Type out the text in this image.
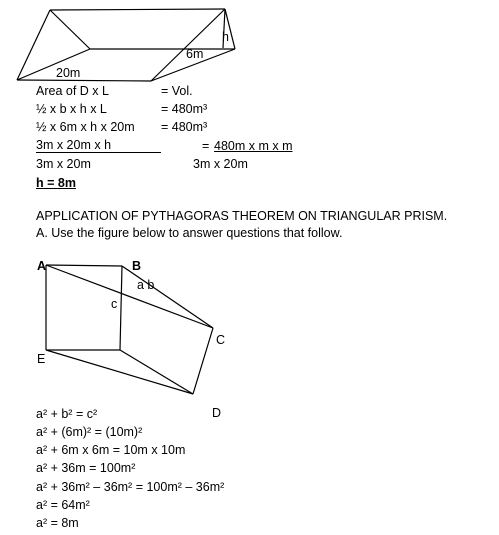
h
6m
20m
Area of D x L	= Vol.
½ x b x h x L	= 480m³
½ x 6m x h x 20m = 480m³
3m x 20m x h	= 480m x m x m
3m x 20m	3m x 20m
h = 8m
APPLICATION OF PYTHAGORAS THEOREM ON TRIANGULAR PRISM.
A. Use the figure below to answer questions that follow.
A	B
a b
c
C
E
D
a² + b² = c²
a² + (6m)² = (10m)²
a² + 6m x 6m = 10m x 10m
a² + 36m = 100m²
a² + 36m² – 36m² = 100m² – 36m²
a² = 64m²
a² = 8m
